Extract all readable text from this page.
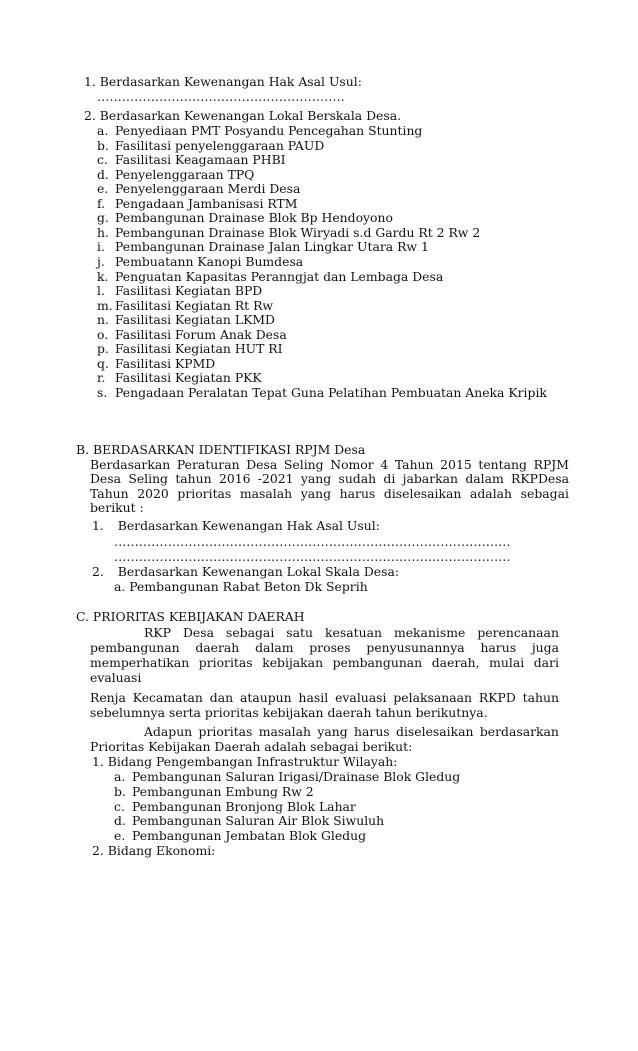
1. Berdasarkan Kewenangan Hak Asal Usul:
……………………………………………………
2. Berdasarkan Kewenangan Lokal Berskala Desa.
a. Penyediaan PMT Posyandu Pencegahan Stunting
b. Fasilitasi penyelenggaraan PAUD
c. Fasilitasi Keagamaan PHBI
d. Penyelenggaraan TPQ
e. Penyelenggaraan Merdi Desa
f. Pengadaan Jambanisasi RTM
g. Pembangunan Drainase Blok Bp Hendoyono
h. Pembangunan Drainase Blok Wiryadi s.d Gardu Rt 2 Rw 2
i. Pembangunan Drainase Jalan Lingkar Utara Rw 1
j. Pembuatann Kanopi Bumdesa
k. Penguatan Kapasitas Peranngjat dan Lembaga Desa
l. Fasilitasi Kegiatan BPD
m. Fasilitasi Kegiatan Rt Rw
n. Fasilitasi Kegiatan LKMD
o. Fasilitasi Forum Anak Desa
p. Fasilitasi Kegiatan HUT RI
q. Fasilitasi KPMD
r. Fasilitasi Kegiatan PKK
s. Pengadaan Peralatan Tepat Guna Pelatihan Pembuatan Aneka Kripik
B. BERDASARKAN IDENTIFIKASI RPJM Desa
Berdasarkan Peraturan Desa Seling Nomor 4 Tahun 2015 tentang RPJM
Desa Seling tahun 2016 -2021 yang sudah di jabarkan dalam RKPDesa
Tahun 2020 prioritas masalah yang harus diselesaikan adalah sebagai
berikut :
1. Berdasarkan Kewenangan Hak Asal Usul:
……………………………………………………………………………………
……………………………………………………………………………………
2. Berdasarkan Kewenangan Lokal Skala Desa:
a. Pembangunan Rabat Beton Dk Seprih
C. PRIORITAS KEBIJAKAN DAERAH
RKP Desa sebagai satu kesatuan mekanisme perencanaan
pembangunan daerah dalam proses penyusunannya harus juga
memperhatikan prioritas kebijakan pembangunan daerah, mulai dari
evaluasi
Renja Kecamatan dan ataupun hasil evaluasi pelaksanaan RKPD tahun
sebelumnya serta prioritas kebijakan daerah tahun berikutnya.
Adapun prioritas masalah yang harus diselesaikan berdasarkan
Prioritas Kebijakan Daerah adalah sebagai berikut:
1. Bidang Pengembangan Infrastruktur Wilayah:
a. Pembangunan Saluran Irigasi/Drainase Blok Gledug
b. Pembangunan Embung Rw 2
c. Pembangunan Bronjong Blok Lahar
d. Pembangunan Saluran Air Blok Siwuluh
e. Pembangunan Jembatan Blok Gledug
2. Bidang Ekonomi:
